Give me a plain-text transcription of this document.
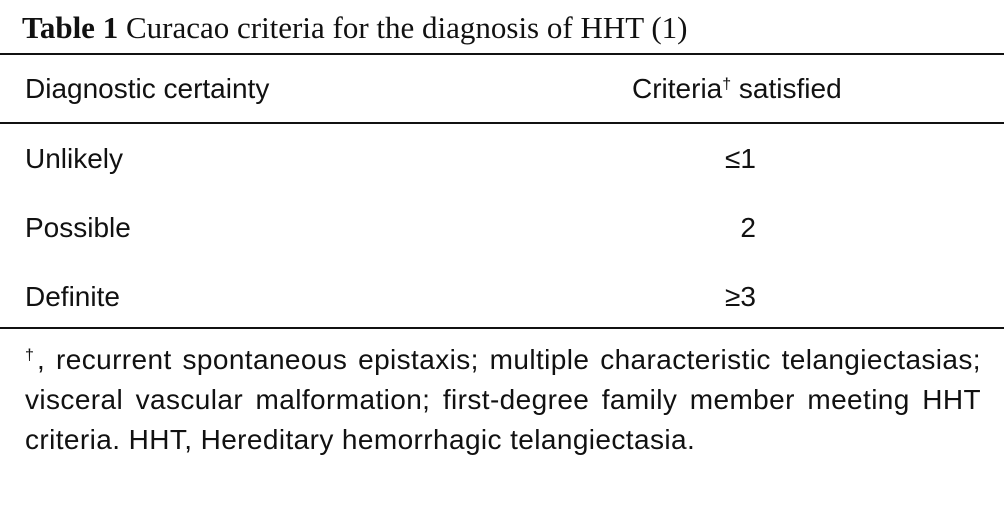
Table 1 Curacao criteria for the diagnosis of HHT (1)
Diagnostic certainty	Criteria† satisfied
Unlikely	≤1
Possible	2
Definite	≥3
†, recurrent spontaneous epistaxis; multiple characteristic telangiectasias; visceral vascular malformation; first-degree family member meeting HHT criteria. HHT, Hereditary hemorrhagic telangiectasia.
